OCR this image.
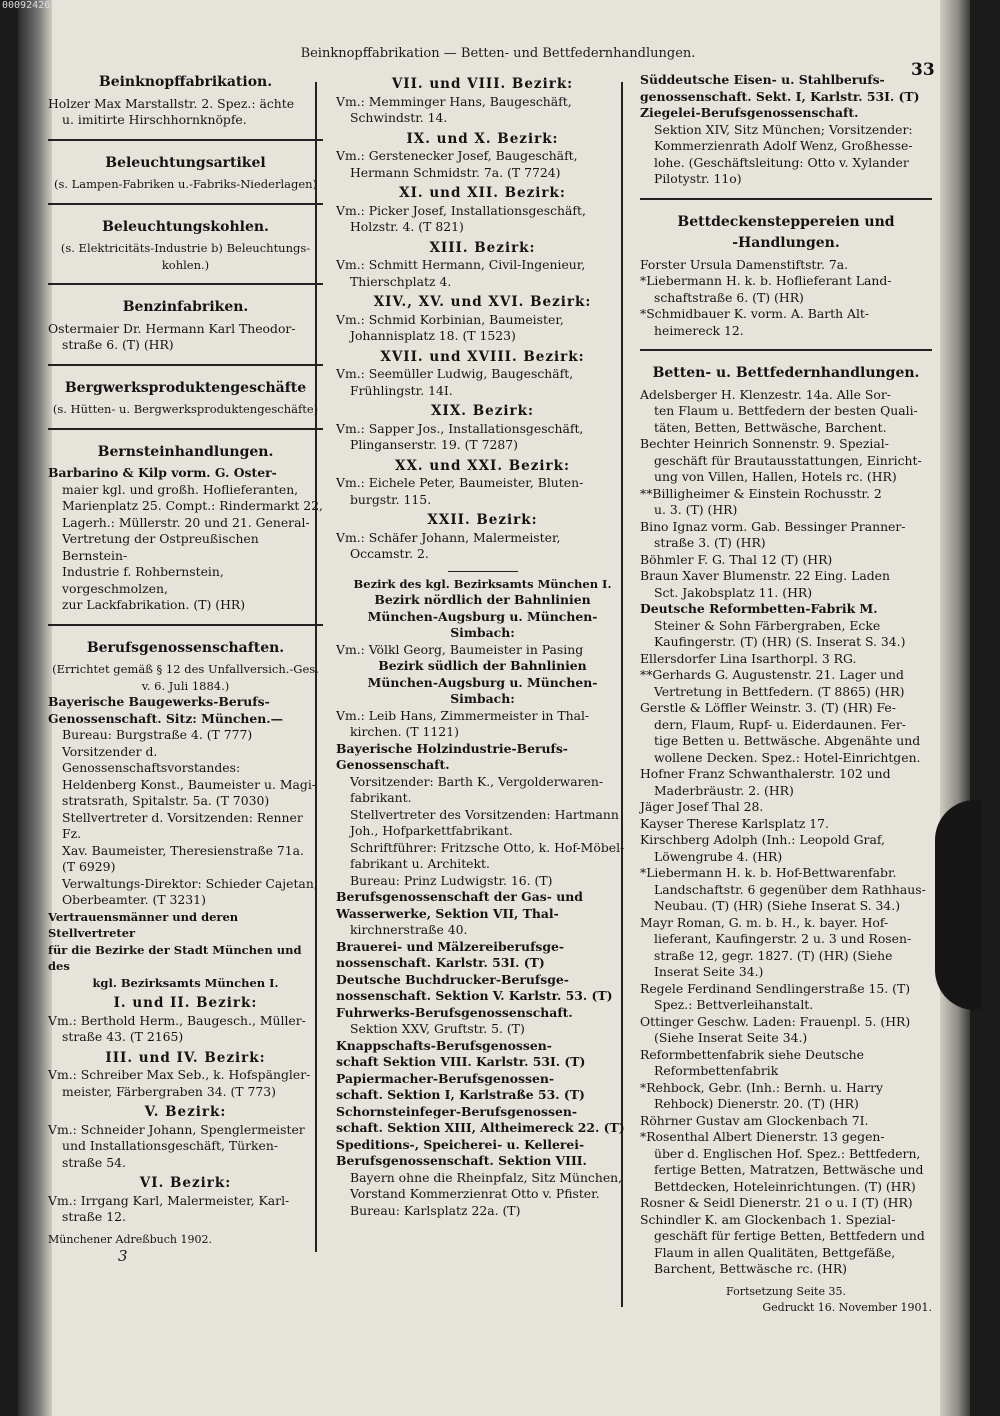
Beinknopffabrikation — Betten- und Bettfedernhandlungen.
33
Beinknopffabrikation.
Holzer Max Marstallstr. 2. Spez.: ächte
u. imitirte Hirschhornknöpfe.
Beleuchtungsartikel
(s. Lampen-Fabriken u.-Fabriks-Niederlagen)
Beleuchtungskohlen.
(s. Elektricitäts-Industrie b) Beleuchtungs-
kohlen.)
Benzinfabriken.
Ostermaier Dr. Hermann Karl Theodor-
straße 6. (T) (HR)
Bergwerksproduktengeschäfte
(s. Hütten- u. Bergwerksproduktengeschäfte)
Bernsteinhandlungen.
Barbarino & Kilp vorm. G. Oster-
maier kgl. und großh. Hoflieferanten,
Marienplatz 25. Compt.: Rindermarkt 22,
Lagerh.: Müllerstr. 20 und 21. General-
Vertretung der Ostpreußischen Bernstein-
Industrie f. Rohbernstein, vorgeschmolzen,
zur Lackfabrikation. (T) (HR)
Berufsgenossenschaften.
(Errichtet gemäß § 12 des Unfallversich.-Ges.
v. 6. Juli 1884.)
Bayerische Baugewerks-Berufs-
Genossenschaft. Sitz: München.—
Bureau: Burgstraße 4. (T 777)
Vorsitzender d. Genossenschaftsvorstandes:
Heldenberg Konst., Baumeister u. Magi-
stratsrath, Spitalstr. 5a. (T 7030)
Stellvertreter d. Vorsitzenden: Renner Fz.
Xav. Baumeister, Theresienstraße 71a.
(T 6929)
Verwaltungs-Direktor: Schieder Cajetan,
Oberbeamter. (T 3231)
Vertrauensmänner und deren Stellvertreter
für die Bezirke der Stadt München und des
kgl. Bezirksamts München I.
I. und II. Bezirk:
Vm.: Berthold Herm., Baugesch., Müller-
straße 43. (T 2165)
III. und IV. Bezirk:
Vm.: Schreiber Max Seb., k. Hofspängler-
meister, Färbergraben 34. (T 773)
V. Bezirk:
Vm.: Schneider Johann, Spenglermeister
und Installationsgeschäft, Türken-
straße 54.
VI. Bezirk:
Vm.: Irrgang Karl, Malermeister, Karl-
straße 12.
Münchener Adreßbuch 1902.
3
VII. und VIII. Bezirk:
Vm.: Memminger Hans, Baugeschäft,
Schwindstr. 14.
IX. und X. Bezirk:
Vm.: Gerstenecker Josef, Baugeschäft,
Hermann Schmidstr. 7a. (T 7724)
XI. und XII. Bezirk:
Vm.: Picker Josef, Installationsgeschäft,
Holzstr. 4. (T 821)
XIII. Bezirk:
Vm.: Schmitt Hermann, Civil-Ingenieur,
Thierschplatz 4.
XIV., XV. und XVI. Bezirk:
Vm.: Schmid Korbinian, Baumeister,
Johannisplatz 18. (T 1523)
XVII. und XVIII. Bezirk:
Vm.: Seemüller Ludwig, Baugeschäft,
Frühlingstr. 14I.
XIX. Bezirk:
Vm.: Sapper Jos., Installationsgeschäft,
Plinganserstr. 19. (T 7287)
XX. und XXI. Bezirk:
Vm.: Eichele Peter, Baumeister, Bluten-
burgstr. 115.
XXII. Bezirk:
Vm.: Schäfer Johann, Malermeister,
Occamstr. 2.
Bezirk des kgl. Bezirksamts München I.
Bezirk nördlich der Bahnlinien
München-Augsburg u. München-
Simbach:
Vm.: Völkl Georg, Baumeister in Pasing
Bezirk südlich der Bahnlinien
München-Augsburg u. München-
Simbach:
Vm.: Leib Hans, Zimmermeister in Thal-
kirchen. (T 1121)
Bayerische Holzindustrie-Berufs-
Genossenschaft.
Vorsitzender: Barth K., Vergolderwaren-
fabrikant.
Stellvertreter des Vorsitzenden: Hartmann
Joh., Hofparkettfabrikant.
Schriftführer: Fritzsche Otto, k. Hof-Möbel-
fabrikant u. Architekt.
Bureau: Prinz Ludwigstr. 16. (T)
Berufsgenossenschaft der Gas- und
Wasserwerke, Sektion VII, Thal-
kirchnerstraße 40.
Brauerei- und Mälzereiberufsge-
nossenschaft. Karlstr. 53I. (T)
Deutsche Buchdrucker-Berufsge-
nossenschaft. Sektion V. Karlstr. 53. (T)
Fuhrwerks-Berufsgenossenschaft.
Sektion XXV, Gruftstr. 5. (T)
Knappschafts-Berufsgenossen-
schaft Sektion VIII. Karlstr. 53I. (T)
Papiermacher-Berufsgenossen-
schaft. Sektion I, Karlstraße 53. (T)
Schornsteinfeger-Berufsgenossen-
schaft. Sektion XIII, Altheimereck 22. (T)
Speditions-, Speicherei- u. Kellerei-
Berufsgenossenschaft. Sektion VIII.
Bayern ohne die Rheinpfalz, Sitz München,
Vorstand Kommerzienrat Otto v. Pfister.
Bureau: Karlsplatz 22a. (T)
Süddeutsche Eisen- u. Stahlberufs-
genossenschaft. Sekt. I, Karlstr. 53I. (T)
Ziegelei-Berufsgenossenschaft.
Sektion XIV, Sitz München; Vorsitzender:
Kommerzienrath Adolf Wenz, Großhesse-
lohe. (Geschäftsleitung: Otto v. Xylander
Pilotystr. 11o)
Bettdeckensteppereien und
-Handlungen.
Forster Ursula Damenstiftstr. 7a.
*Liebermann H. k. b. Hoflieferant Land-
schaftstraße 6. (T) (HR)
*Schmidbauer K. vorm. A. Barth Alt-
heimereck 12.
Betten- u. Bettfedernhandlungen.
Adelsberger H. Klenzestr. 14a. Alle Sor-
ten Flaum u. Bettfedern der besten Quali-
täten, Betten, Bettwäsche, Barchent.
Bechter Heinrich Sonnenstr. 9. Spezial-
geschäft für Brautausstattungen, Einricht-
ung von Villen, Hallen, Hotels rc. (HR)
**Billigheimer & Einstein Rochusstr. 2
u. 3. (T) (HR)
Bino Ignaz vorm. Gab. Bessinger Pranner-
straße 3. (T) (HR)
Böhmler F. G. Thal 12 (T) (HR)
Braun Xaver Blumenstr. 22 Eing. Laden
Sct. Jakobsplatz 11. (HR)
Deutsche Reformbetten-Fabrik M.
Steiner & Sohn Färbergraben, Ecke
Kaufingerstr. (T) (HR) (S. Inserat S. 34.)
Ellersdorfer Lina Isarthorpl. 3 RG.
**Gerhards G. Augustenstr. 21. Lager und
Vertretung in Bettfedern. (T 8865) (HR)
Gerstle & Löffler Weinstr. 3. (T) (HR) Fe-
dern, Flaum, Rupf- u. Eiderdaunen. Fer-
tige Betten u. Bettwäsche. Abgenähte und
wollene Decken. Spez.: Hotel-Einrichtgen.
Hofner Franz Schwanthalerstr. 102 und
Maderbräustr. 2. (HR)
Jäger Josef Thal 28.
Kayser Therese Karlsplatz 17.
Kirschberg Adolph (Inh.: Leopold Graf,
Löwengrube 4. (HR)
*Liebermann H. k. b. Hof-Bettwarenfabr.
Landschaftstr. 6 gegenüber dem Rathhaus-
Neubau. (T) (HR) (Siehe Inserat S. 34.)
Mayr Roman, G. m. b. H., k. bayer. Hof-
lieferant, Kaufingerstr. 2 u. 3 und Rosen-
straße 12, gegr. 1827. (T) (HR) (Siehe
Inserat Seite 34.)
Regele Ferdinand Sendlingerstraße 15. (T)
Spez.: Bettverleihanstalt.
Ottinger Geschw. Laden: Frauenpl. 5. (HR)
(Siehe Inserat Seite 34.)
Reformbettenfabrik siehe Deutsche
Reformbettenfabrik
*Rehbock, Gebr. (Inh.: Bernh. u. Harry
Rehbock) Dienerstr. 20. (T) (HR)
Röhrner Gustav am Glockenbach 7I.
*Rosenthal Albert Dienerstr. 13 gegen-
über d. Englischen Hof. Spez.: Bettfedern,
fertige Betten, Matratzen, Bettwäsche und
Bettdecken, Hoteleinrichtungen. (T) (HR)
Rosner & Seidl Dienerstr. 21 o u. I (T) (HR)
Schindler K. am Glockenbach 1. Spezial-
geschäft für fertige Betten, Bettfedern und
Flaum in allen Qualitäten, Bettgefäße,
Barchent, Bettwäsche rc. (HR)
Fortsetzung Seite 35.
Gedruckt 16. November 1901.
00092426
